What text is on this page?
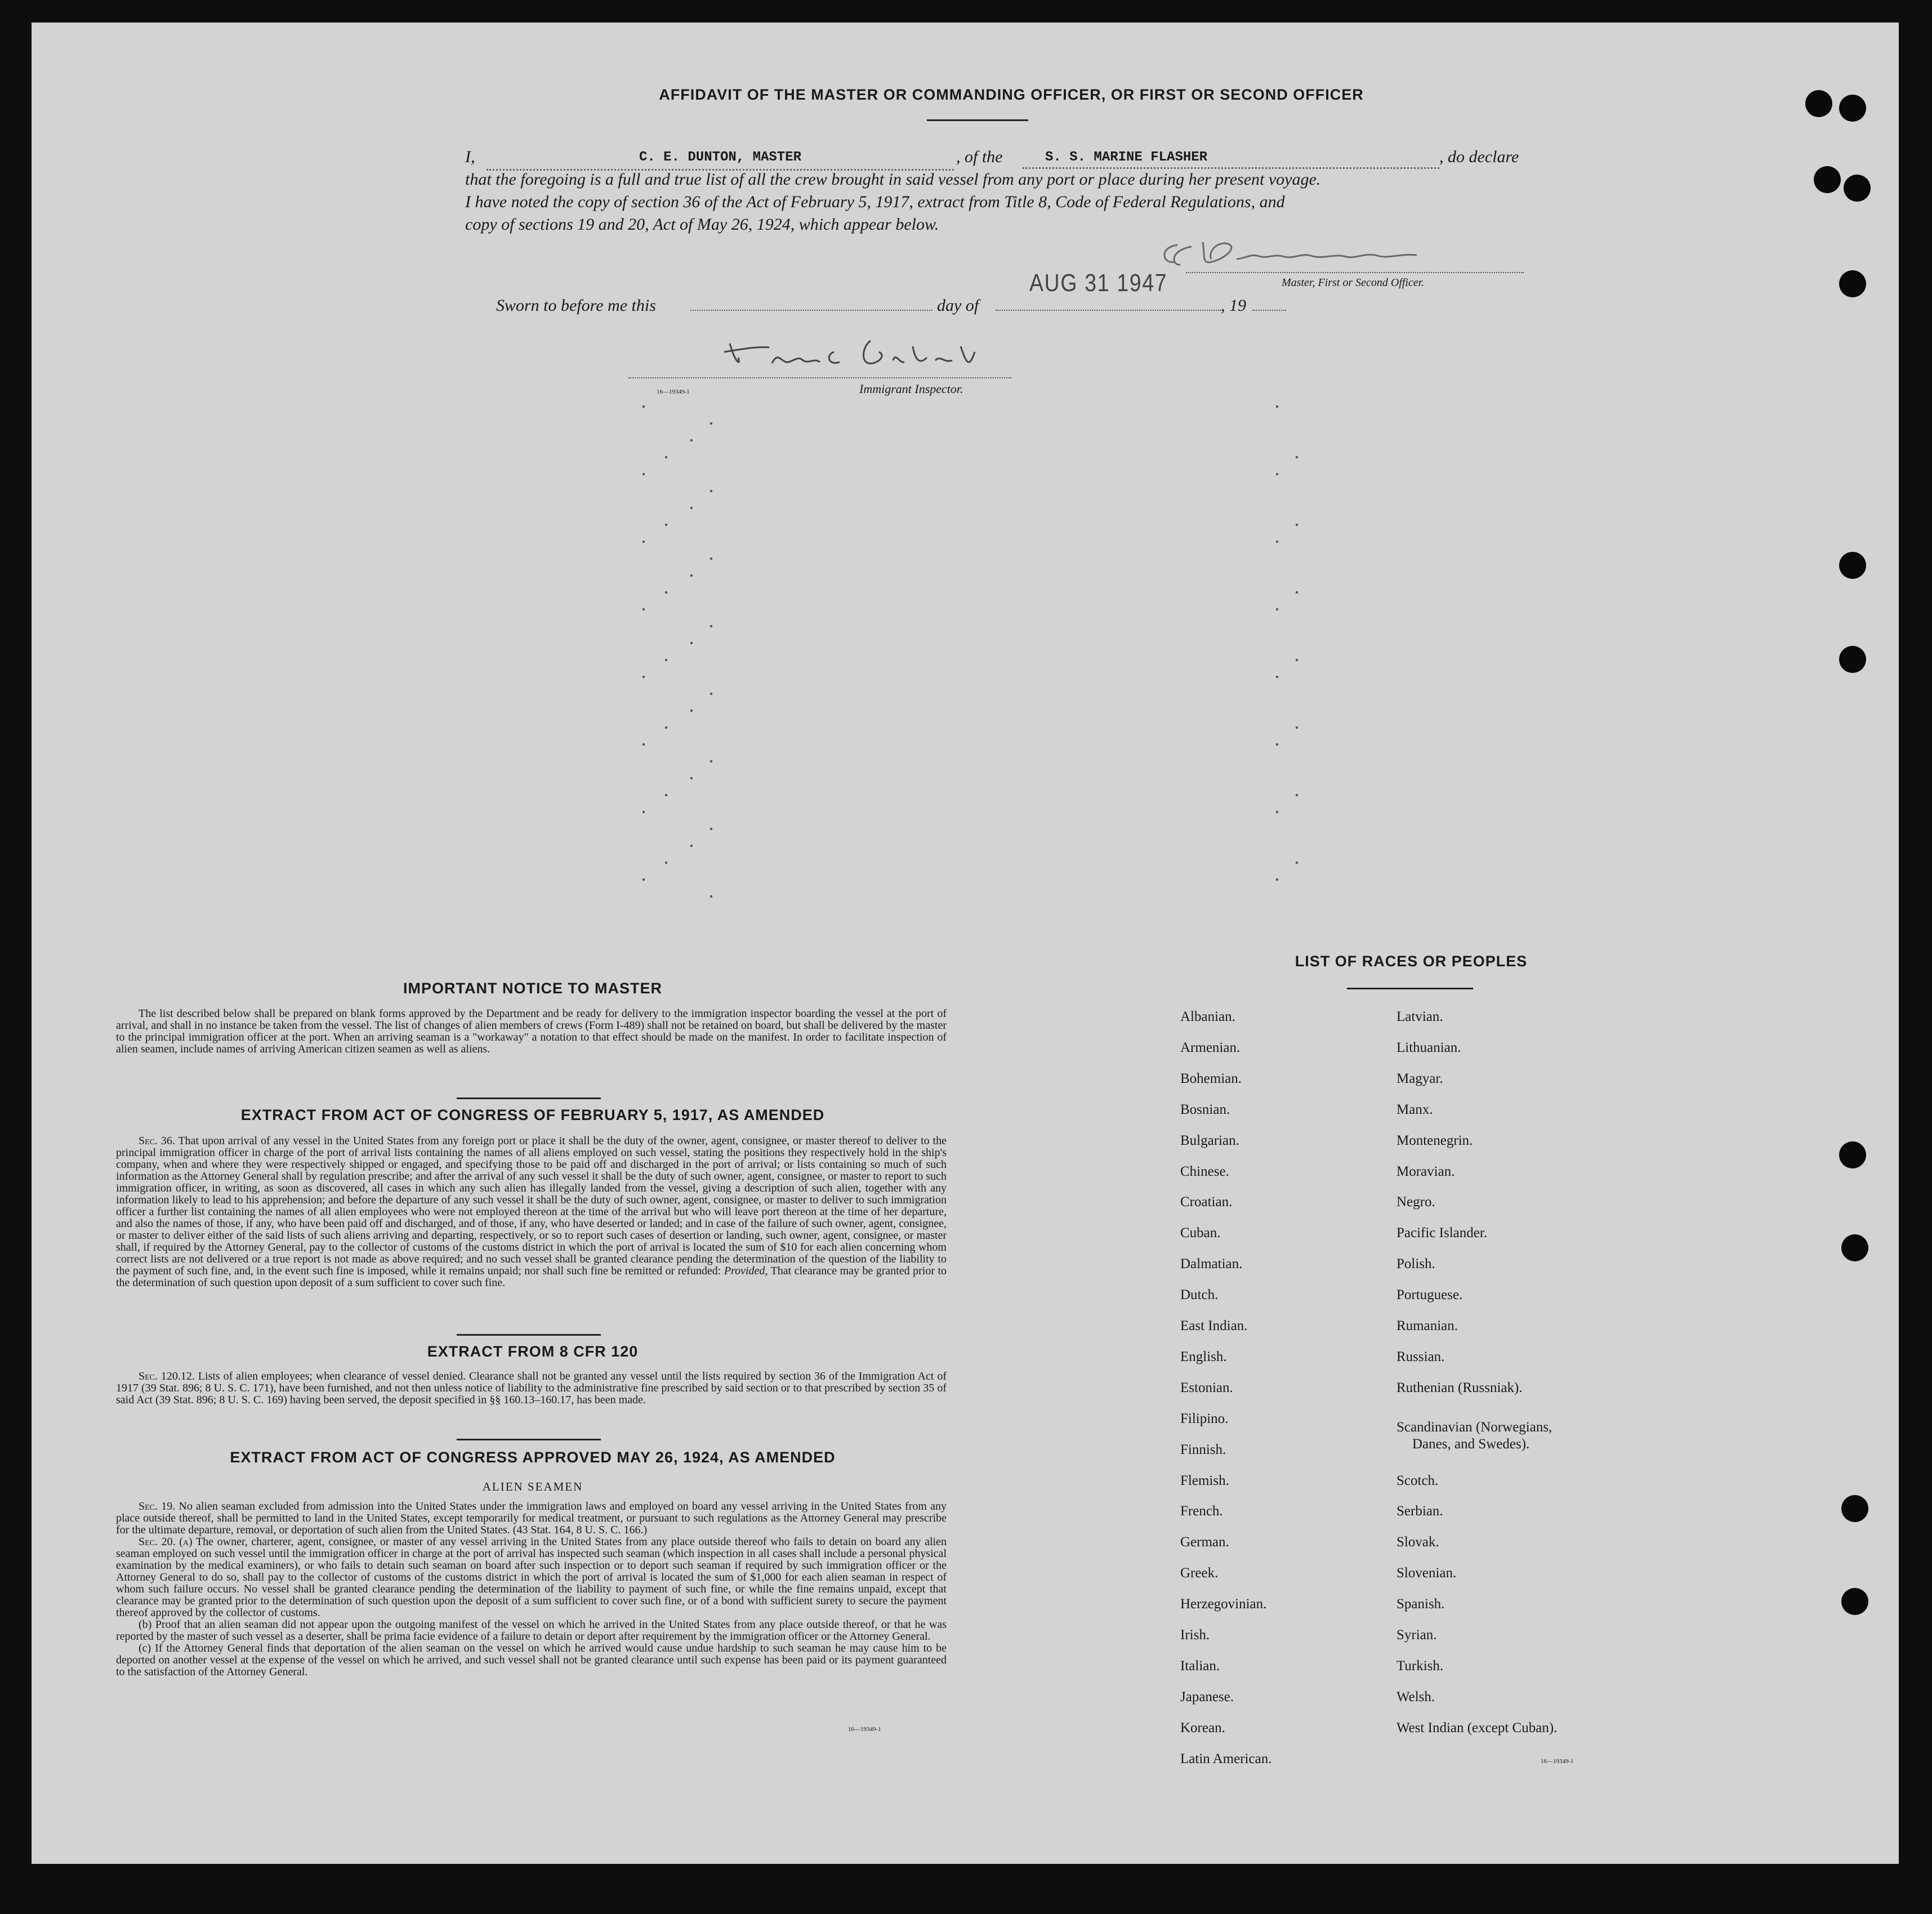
AFFIDAVIT OF THE MASTER OR COMMANDING OFFICER, OR FIRST OR SECOND OFFICER
I,	C. E. DUNTON, MASTER	, of the	S. S. MARINE FLASHER	, do declare
that the foregoing is a full and true list of all the crew brought in said vessel from any port or place during her present voyage.
I have noted the copy of section 36 of the Act of February 5, 1917, extract from Title 8, Code of Federal Regulations, and
copy of sections 19 and 20, Act of May 26, 1924, which appear below.
Master, First or Second Officer.
AUG 31 1947
Sworn to before me this	day of	, 19
Immigrant Inspector.
16—19349-1
IMPORTANT NOTICE TO MASTER

The list described below shall be prepared on blank forms approved by the Department and be ready for delivery to the immigration inspector boarding the vessel at the port of arrival, and shall in no instance be taken from the vessel. The list of changes of alien members of crews (Form I-489) shall not be retained on board, but shall be delivered by the master to the principal immigration officer at the port. When an arriving seaman is a "workaway" a notation to that effect should be made on the manifest. In order to facilitate inspection of alien seamen, include names of arriving American citizen seamen as well as aliens.

EXTRACT FROM ACT OF CONGRESS OF FEBRUARY 5, 1917, AS AMENDED

Sec. 36. That upon arrival of any vessel in the United States from any foreign port or place it shall be the duty of the owner, agent, consignee, or master thereof to deliver to the principal immigration officer in charge of the port of arrival lists containing the names of all aliens employed on such vessel, stating the positions they respectively hold in the ship's company, when and where they were respectively shipped or engaged, and specifying those to be paid off and discharged in the port of arrival; or lists containing so much of such information as the Attorney General shall by regulation prescribe; and after the arrival of any such vessel it shall be the duty of such owner, agent, consignee, or master to report to such immigration officer, in writing, as soon as discovered, all cases in which any such alien has illegally landed from the vessel, giving a description of such alien, together with any information likely to lead to his apprehension; and before the departure of any such vessel it shall be the duty of such owner, agent, consignee, or master to deliver to such immigration officer a further list containing the names of all alien employees who were not employed thereon at the time of the arrival but who will leave port thereon at the time of her departure, and also the names of those, if any, who have been paid off and discharged, and of those, if any, who have deserted or landed; and in case of the failure of such owner, agent, consignee, or master to deliver either of the said lists of such aliens arriving and departing, respectively, or so to report such cases of desertion or landing, such owner, agent, consignee, or master shall, if required by the Attorney General, pay to the collector of customs of the customs district in which the port of arrival is located the sum of $10 for each alien concerning whom correct lists are not delivered or a true report is not made as above required; and no such vessel shall be granted clearance pending the determination of the question of the liability to the payment of such fine, and, in the event such fine is imposed, while it remains unpaid; nor shall such fine be remitted or refunded: Provided, That clearance may be granted prior to the determination of such question upon deposit of a sum sufficient to cover such fine.

EXTRACT FROM 8 CFR 120

Sec. 120.12. Lists of alien employees; when clearance of vessel denied. Clearance shall not be granted any vessel until the lists required by section 36 of the Immigration Act of 1917 (39 Stat. 896; 8 U. S. C. 171), have been furnished, and not then unless notice of liability to the administrative fine prescribed by said section or to that prescribed by section 35 of said Act (39 Stat. 896; 8 U. S. C. 169) having been served, the deposit specified in §§ 160.13–160.17, has been made.

EXTRACT FROM ACT OF CONGRESS APPROVED MAY 26, 1924, AS AMENDED
ALIEN SEAMEN

Sec. 19. No alien seaman excluded from admission into the United States under the immigration laws and employed on board any vessel arriving in the United States from any place outside thereof, shall be permitted to land in the United States, except temporarily for medical treatment, or pursuant to such regulations as the Attorney General may prescribe for the ultimate departure, removal, or deportation of such alien from the United States. (43 Stat. 164, 8 U. S. C. 166.)

Sec. 20. (a) The owner, charterer, agent, consignee, or master of any vessel arriving in the United States from any place outside thereof who fails to detain on board any alien seaman employed on such vessel until the immigration officer in charge at the port of arrival has inspected such seaman (which inspection in all cases shall include a personal physical examination by the medical examiners), or who fails to detain such seaman on board after such inspection or to deport such seaman if required by such immigration officer or the Attorney General to do so, shall pay to the collector of customs of the customs district in which the port of arrival is located the sum of $1,000 for each alien seaman in respect of whom such failure occurs. No vessel shall be granted clearance pending the determination of the liability to payment of such fine, or while the fine remains unpaid, except that clearance may be granted prior to the determination of such question upon the deposit of a sum sufficient to cover such fine, or of a bond with sufficient surety to secure the payment thereof approved by the collector of customs.

(b) Proof that an alien seaman did not appear upon the outgoing manifest of the vessel on which he arrived in the United States from any place outside thereof, or that he was reported by the master of such vessel as a deserter, shall be prima facie evidence of a failure to detain or deport after requirement by the immigration officer or the Attorney General.

(c) If the Attorney General finds that deportation of the alien seaman on the vessel on which he arrived would cause undue hardship to such seaman he may cause him to be deported on another vessel at the expense of the vessel on which he arrived, and such vessel shall not be granted clearance until such expense has been paid or its payment guaranteed to the satisfaction of the Attorney General.

16—19349-1
LIST OF RACES OR PEOPLES
Albanian.
Armenian.
Bohemian.
Bosnian.
Bulgarian.
Chinese.
Croatian.
Cuban.
Dalmatian.
Dutch.
East Indian.
English.
Estonian.
Filipino.
Finnish.
Flemish.
French.
German.
Greek.
Herzegovinian.
Irish.
Italian.
Japanese.
Korean.
Latin American.
Latvian.
Lithuanian.
Magyar.
Manx.
Montenegrin.
Moravian.
Negro.
Pacific Islander.
Polish.
Portuguese.
Rumanian.
Russian.
Ruthenian (Russniak).
Scandinavian (Norwegians,
Danes, and Swedes).
Scotch.
Serbian.
Slovak.
Slovenian.
Spanish.
Syrian.
Turkish.
Welsh.
West Indian (except Cuban).
16—19349-1
